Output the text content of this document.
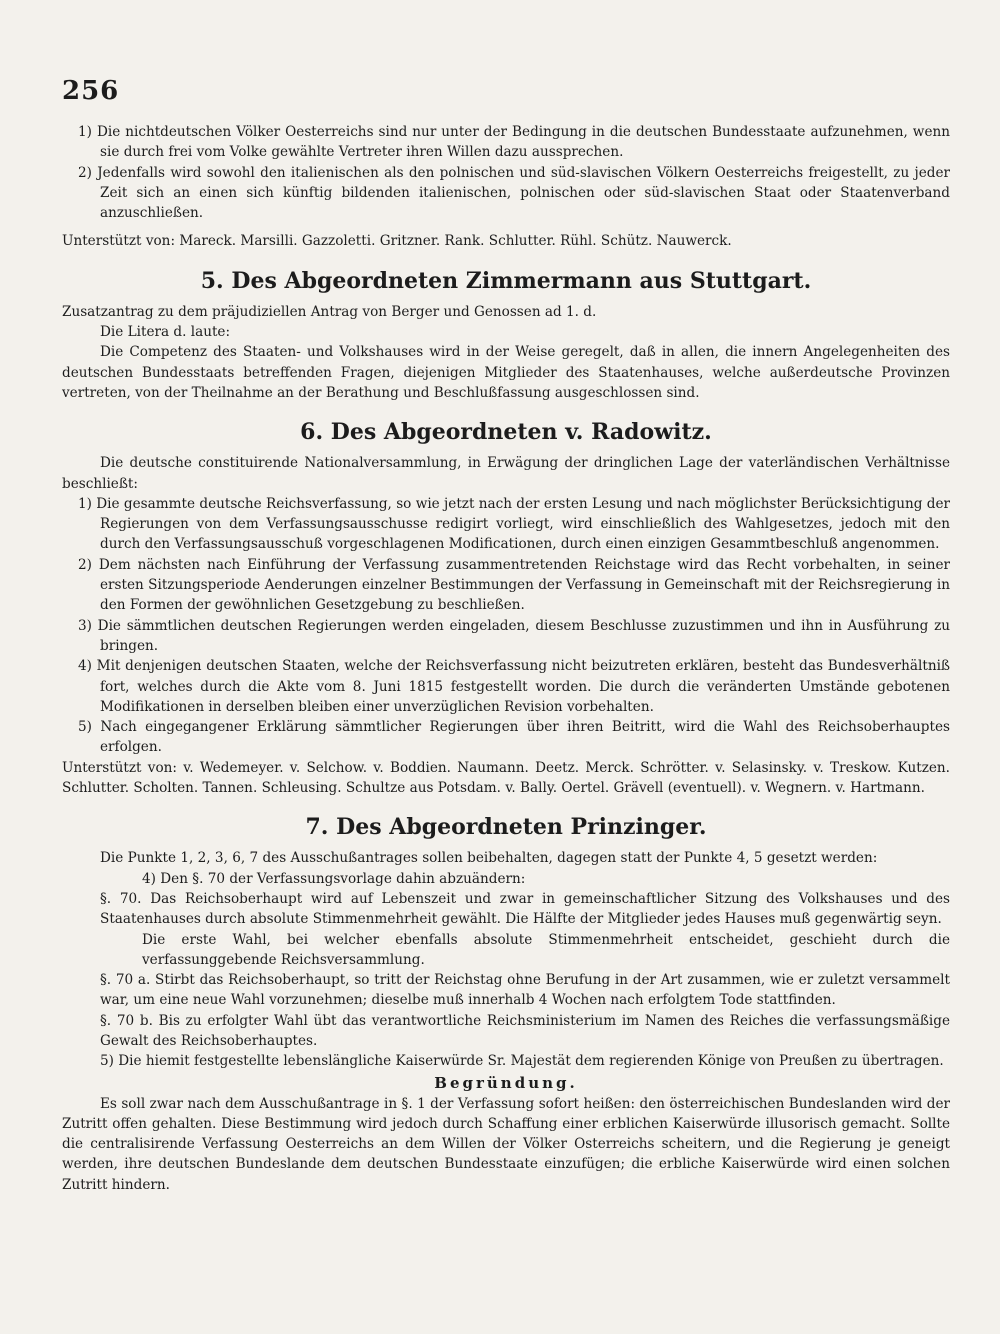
256

1) Die nichtdeutschen Völker Oesterreichs sind nur unter der Bedingung in die deutschen Bundesstaate aufzunehmen, wenn sie durch frei vom Volke gewählte Vertreter ihren Willen dazu aussprechen.

2) Jedenfalls wird sowohl den italienischen als den polnischen und süd-slavischen Völkern Oesterreichs freigestellt, zu jeder Zeit sich an einen sich künftig bildenden italienischen, polnischen oder süd-slavischen Staat oder Staatenverband anzuschließen.

Unterstützt von: Mareck. Marsilli. Gazzoletti. Gritzner. Rank. Schlutter. Rühl. Schütz. Nauwerck.

5. Des Abgeordneten Zimmermann aus Stuttgart.

Zusatzantrag zu dem präjudiziellen Antrag von Berger und Genossen ad 1. d.

Die Litera d. laute:

Die Competenz des Staaten- und Volkshauses wird in der Weise geregelt, daß in allen, die innern Angelegenheiten des deutschen Bundesstaats betreffenden Fragen, diejenigen Mitglieder des Staatenhauses, welche außerdeutsche Provinzen vertreten, von der Theilnahme an der Berathung und Beschlußfassung ausgeschlossen sind.

6. Des Abgeordneten v. Radowitz.

Die deutsche constituirende Nationalversammlung, in Erwägung der dringlichen Lage der vaterländischen Verhältnisse beschließt:

1) Die gesammte deutsche Reichsverfassung, so wie jetzt nach der ersten Lesung und nach möglichster Berücksichtigung der Regierungen von dem Verfassungsausschusse redigirt vorliegt, wird einschließlich des Wahlgesetzes, jedoch mit den durch den Verfassungsausschuß vorgeschlagenen Modificationen, durch einen einzigen Gesammtbeschluß angenommen.

2) Dem nächsten nach Einführung der Verfassung zusammentretenden Reichstage wird das Recht vorbehalten, in seiner ersten Sitzungsperiode Aenderungen einzelner Bestimmungen der Verfassung in Gemeinschaft mit der Reichsregierung in den Formen der gewöhnlichen Gesetzgebung zu beschließen.

3) Die sämmtlichen deutschen Regierungen werden eingeladen, diesem Beschlusse zuzustimmen und ihn in Ausführung zu bringen.

4) Mit denjenigen deutschen Staaten, welche der Reichsverfassung nicht beizutreten erklären, besteht das Bundesverhältniß fort, welches durch die Akte vom 8. Juni 1815 festgestellt worden. Die durch die veränderten Umstände gebotenen Modifikationen in derselben bleiben einer unverzüglichen Revision vorbehalten.

5) Nach eingegangener Erklärung sämmtlicher Regierungen über ihren Beitritt, wird die Wahl des Reichsoberhauptes erfolgen.

Unterstützt von: v. Wedemeyer. v. Selchow. v. Boddien. Naumann. Deetz. Merck. Schrötter. v. Selasinsky. v. Treskow. Kutzen. Schlutter. Scholten. Tannen. Schleusing. Schultze aus Potsdam. v. Bally. Oertel. Grävell (eventuell). v. Wegnern. v. Hartmann.

7. Des Abgeordneten Prinzinger.

Die Punkte 1, 2, 3, 6, 7 des Ausschußantrages sollen beibehalten, dagegen statt der Punkte 4, 5 gesetzt werden:

4) Den §. 70 der Verfassungsvorlage dahin abzuändern:

§. 70. Das Reichsoberhaupt wird auf Lebenszeit und zwar in gemeinschaftlicher Sitzung des Volkshauses und des Staatenhauses durch absolute Stimmenmehrheit gewählt. Die Hälfte der Mitglieder jedes Hauses muß gegenwärtig seyn.

Die erste Wahl, bei welcher ebenfalls absolute Stimmenmehrheit entscheidet, geschieht durch die verfassunggebende Reichsversammlung.

§. 70 a. Stirbt das Reichsoberhaupt, so tritt der Reichstag ohne Berufung in der Art zusammen, wie er zuletzt versammelt war, um eine neue Wahl vorzunehmen; dieselbe muß innerhalb 4 Wochen nach erfolgtem Tode stattfinden.

§. 70 b. Bis zu erfolgter Wahl übt das verantwortliche Reichsministerium im Namen des Reiches die verfassungsmäßige Gewalt des Reichsoberhauptes.

5) Die hiemit festgestellte lebenslängliche Kaiserwürde Sr. Majestät dem regierenden Könige von Preußen zu übertragen.

Begründung.

Es soll zwar nach dem Ausschußantrage in §. 1 der Verfassung sofort heißen: den österreichischen Bundeslanden wird der Zutritt offen gehalten. Diese Bestimmung wird jedoch durch Schaffung einer erblichen Kaiserwürde illusorisch gemacht. Sollte die centralisirende Verfassung Oesterreichs an dem Willen der Völker Osterreichs scheitern, und die Regierung je geneigt werden, ihre deutschen Bundeslande dem deutschen Bundesstaate einzufügen; die erbliche Kaiserwürde wird einen solchen Zutritt hindern.
